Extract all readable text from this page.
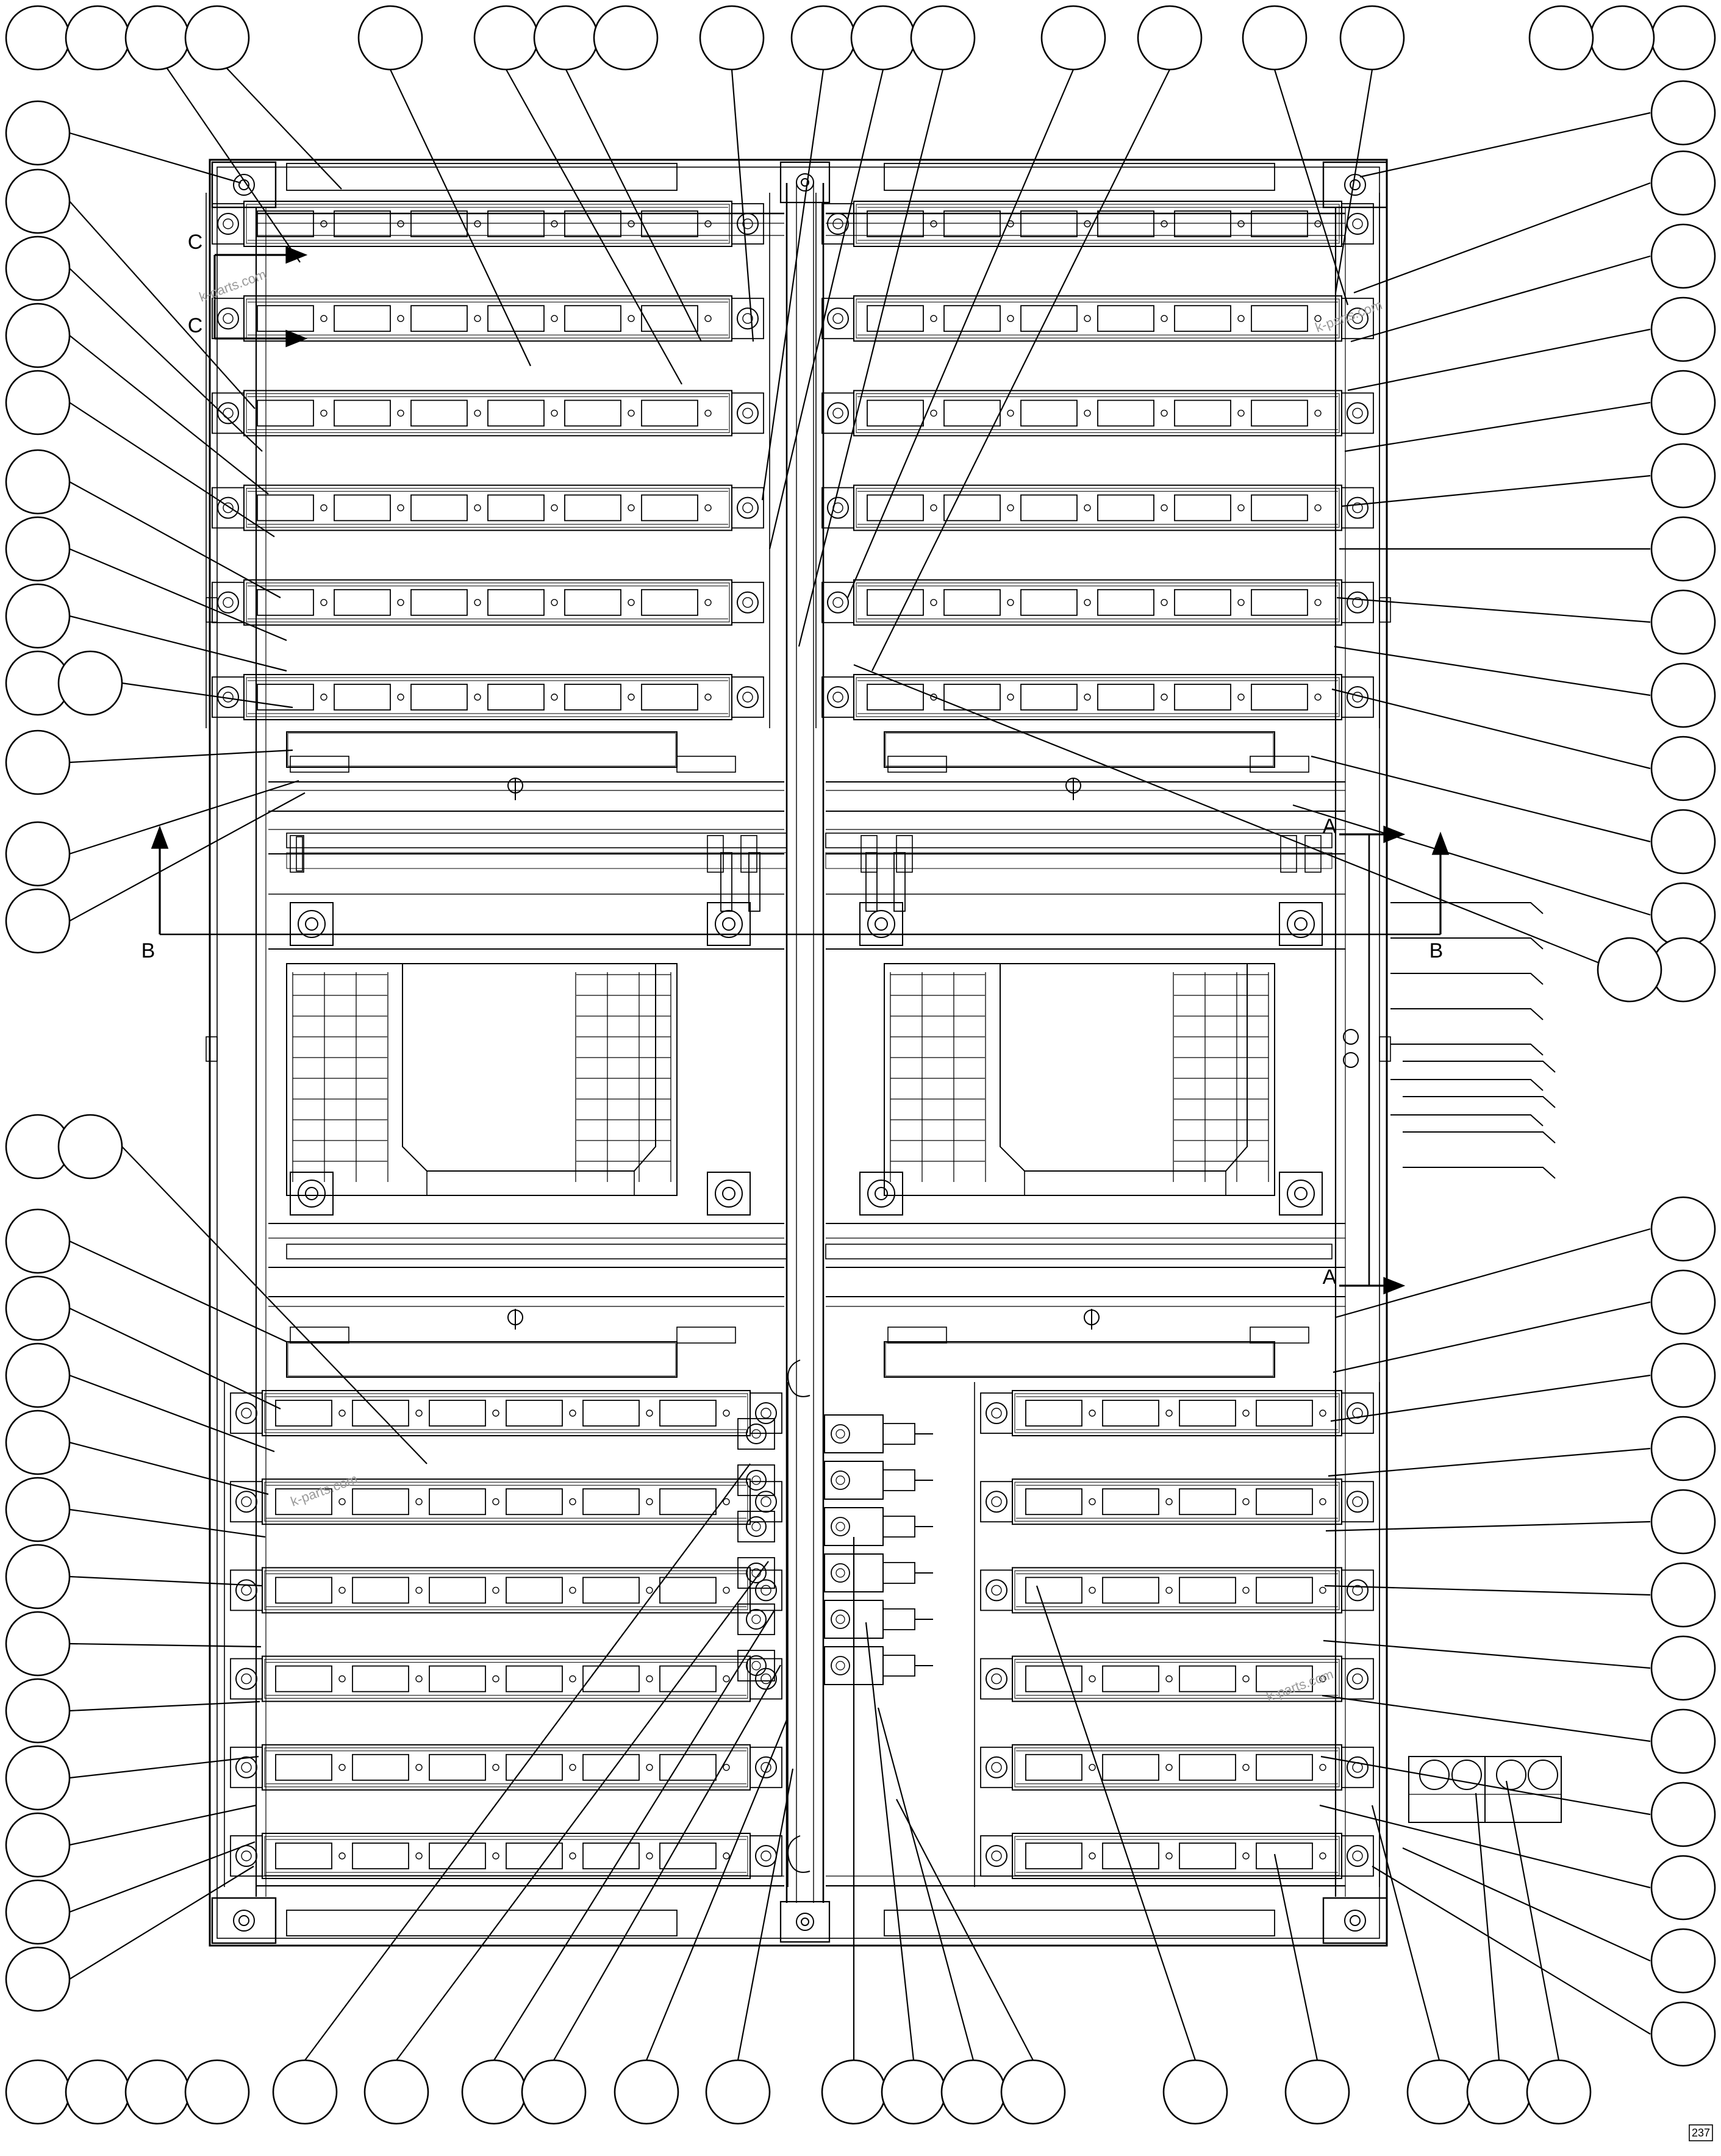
C
C
B	B
A
A
k-parts.com
k-parts.com
k-parts.com
k-parts.com
237
